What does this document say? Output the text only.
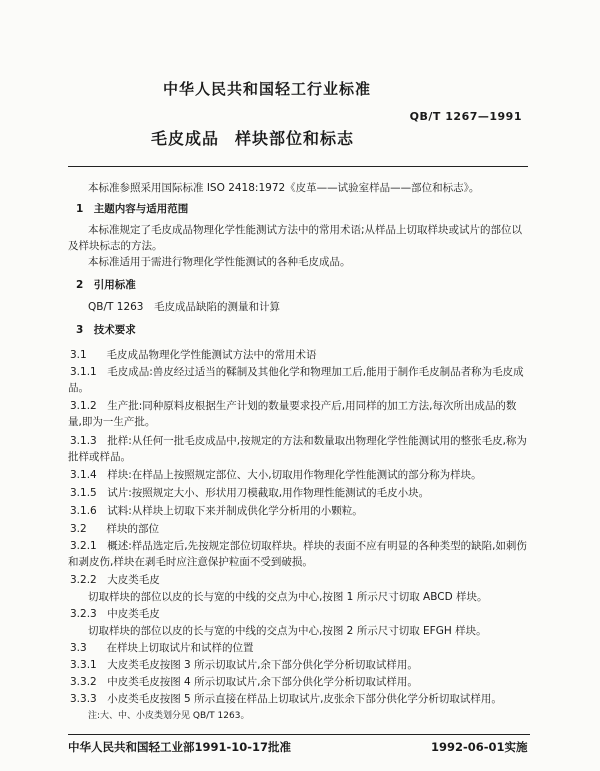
中华人民共和国轻工行业标准
QB/T 1267—1991
毛皮成品 样块部位和标志
本标准参照采用国际标准 ISO 2418:1972《皮革——试验室样品——部位和标志》。
1　主题内容与适用范围
本标准规定了毛皮成品物理化学性能测试方法中的常用术语;从样品上切取样块或试片的部位以
及样块标志的方法。
本标准适用于需进行物理化学性能测试的各种毛皮成品。
2　引用标准
QB/T 1263　毛皮成品缺陷的测量和计算
3　技术要求
3.1　 毛皮成品物理化学性能测试方法中的常用术语
3.1.1　 毛皮成品:兽皮经过适当的鞣制及其他化学和物理加工后,能用于制作毛皮制品者称为毛皮成
品。
3.1.2　 生产批:同种原料皮根据生产计划的数量要求投产后,用同样的加工方法,每次所出成品的数
量,即为一生产批。
3.1.3　 批样:从任何一批毛皮成品中,按规定的方法和数量取出物理化学性能测试用的整张毛皮,称为
批样或样品。
3.1.4　 样块:在样品上按照规定部位、大小,切取用作物理化学性能测试的部分称为样块。
3.1.5　 试片:按照规定大小、形状用刀模截取,用作物理性能测试的毛皮小块。
3.1.6　 试料:从样块上切取下来并制成供化学分析用的小颗粒。
3.2　 样块的部位
3.2.1　 概述:样品选定后,先按规定部位切取样块。样块的表面不应有明显的各种类型的缺陷,如刺伤
和剥皮伤,样块在剥毛时应注意保护粒面不受到破损。
3.2.2　 大皮类毛皮
切取样块的部位以皮的长与宽的中线的交点为中心,按图 1 所示尺寸切取 ABCD 样块。
3.2.3　 中皮类毛皮
切取样块的部位以皮的长与宽的中线的交点为中心,按图 2 所示尺寸切取 EFGH 样块。
3.3　 在样块上切取试片和试样的位置
3.3.1　 大皮类毛皮按图 3 所示切取试片,余下部分供化学分析切取试样用。
3.3.2　 中皮类毛皮按图 4 所示切取试片,余下部分供化学分析切取试样用。
3.3.3　 小皮类毛皮按图 5 所示直接在样品上切取试片,皮张余下部分供化学分析切取试样用。
注:大、中、小皮类划分见 QB/T 1263。
中华人民共和国轻工业部1991-10-17批准	1992-06-01实施
